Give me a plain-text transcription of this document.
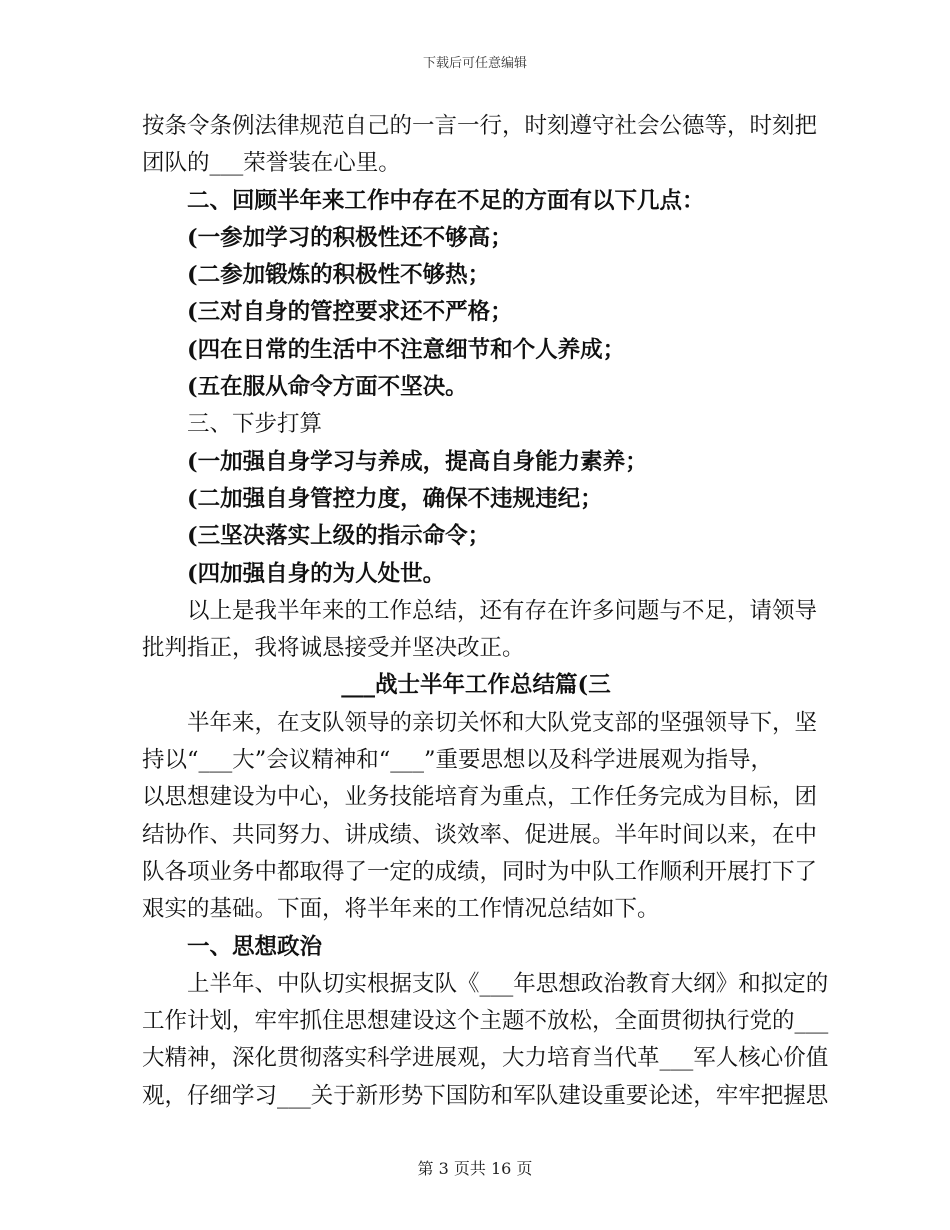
下载后可任意编辑
按条令条例法律规范自己的一言一行，时刻遵守社会公德等，时刻把
团队的___荣誉装在心里。
二、回顾半年来工作中存在不足的方面有以下几点：
(一参加学习的积极性还不够高；
(二参加锻炼的积极性不够热；
(三对自身的管控要求还不严格；
(四在日常的生活中不注意细节和个人养成；
(五在服从命令方面不坚决。
三、下步打算
(一加强自身学习与养成，提高自身能力素养；
(二加强自身管控力度，确保不违规违纪；
(三坚决落实上级的指示命令；
(四加强自身的为人处世。
以上是我半年来的工作总结，还有存在许多问题与不足，请领导
批判指正，我将诚恳接受并坚决改正。
___战士半年工作总结篇(三
半年来，在支队领导的亲切关怀和大队党支部的坚强领导下，坚
持以“___大”会议精神和“___”重要思想以及科学进展观为指导，
以思想建设为中心，业务技能培育为重点，工作任务完成为目标，团
结协作、共同努力、讲成绩、谈效率、促进展。半年时间以来，在中
队各项业务中都取得了一定的成绩，同时为中队工作顺利开展打下了
艰实的基础。下面，将半年来的工作情况总结如下。
一、思想政治
上半年、中队切实根据支队《___年思想政治教育大纲》和拟定的
工作计划，牢牢抓住思想建设这个主题不放松，全面贯彻执行党的___
大精神，深化贯彻落实科学进展观，大力培育当代革___军人核心价值
观，仔细学习___关于新形势下国防和军队建设重要论述，牢牢把握思
第 3 页共 16 页
